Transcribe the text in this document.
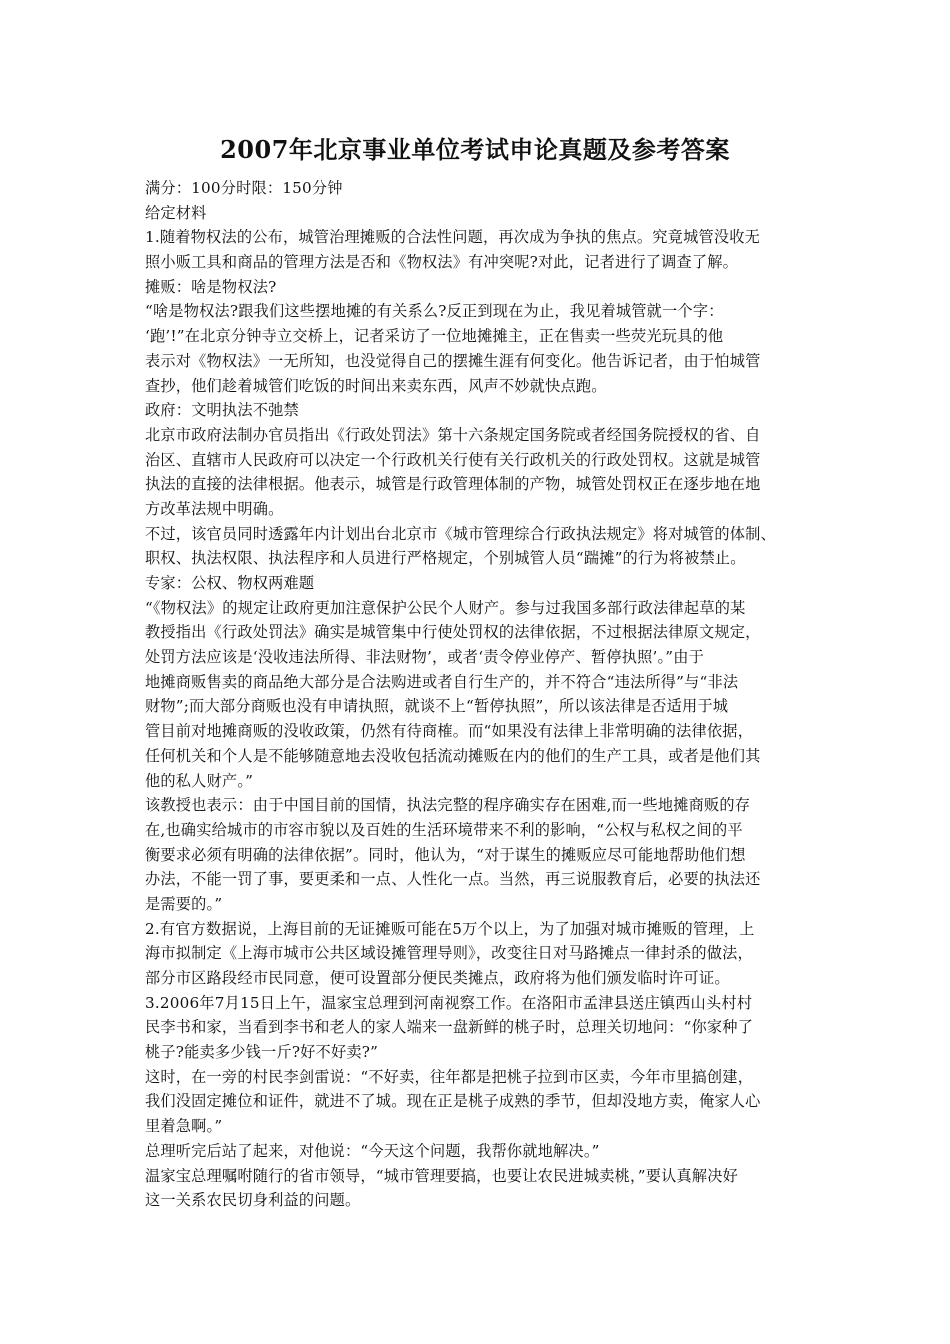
2007年北京事业单位考试申论真题及参考答案
满分：100分时限：150分钟
给定材料
1.随着物权法的公布，城管治理摊贩的合法性问题，再次成为争执的焦点。究竟城管没收无
照小贩工具和商品的管理方法是否和《物权法》有冲突呢?对此，记者进行了调查了解。
摊贩：啥是物权法?
“啥是物权法?跟我们这些摆地摊的有关系么?反正到现在为止，我见着城管就一个字：
‘跑’!”在北京分钟寺立交桥上，记者采访了一位地摊摊主，正在售卖一些荧光玩具的他
表示对《物权法》一无所知，也没觉得自己的摆摊生涯有何变化。他告诉记者，由于怕城管
查抄，他们趁着城管们吃饭的时间出来卖东西，风声不妙就快点跑。
政府：文明执法不弛禁
北京市政府法制办官员指出《行政处罚法》第十六条规定国务院或者经国务院授权的省、自
治区、直辖市人民政府可以决定一个行政机关行使有关行政机关的行政处罚权。这就是城管
执法的直接的法律根据。他表示，城管是行政管理体制的产物，城管处罚权正在逐步地在地
方改革法规中明确。
不过，该官员同时透露年内计划出台北京市《城市管理综合行政执法规定》将对城管的体制、
职权、执法权限、执法程序和人员进行严格规定，个别城管人员“踹摊”的行为将被禁止。
专家：公权、物权两难题
“《物权法》的规定让政府更加注意保护公民个人财产。参与过我国多部行政法律起草的某
教授指出《行政处罚法》确实是城管集中行使处罚权的法律依据，不过根据法律原文规定，
处罚方法应该是‘没收违法所得、非法财物’，或者‘责令停业停产、暂停执照’。”由于
地摊商贩售卖的商品绝大部分是合法购进或者自行生产的，并不符合“违法所得”与“非法
财物”;而大部分商贩也没有申请执照，就谈不上“暂停执照”，所以该法律是否适用于城
管目前对地摊商贩的没收政策，仍然有待商榷。而“如果没有法律上非常明确的法律依据，
任何机关和个人是不能够随意地去没收包括流动摊贩在内的他们的生产工具，或者是他们其
他的私人财产。”
该教授也表示：由于中国目前的国情，执法完整的程序确实存在困难,而一些地摊商贩的存
在,也确实给城市的市容市貌以及百姓的生活环境带来不利的影响，“公权与私权之间的平
衡要求必须有明确的法律依据”。同时，他认为，“对于谋生的摊贩应尽可能地帮助他们想
办法，不能一罚了事，要更柔和一点、人性化一点。当然，再三说服教育后，必要的执法还
是需要的。”
2.有官方数据说，上海目前的无证摊贩可能在5万个以上，为了加强对城市摊贩的管理，上
海市拟制定《上海市城市公共区域设摊管理导则》，改变往日对马路摊点一律封杀的做法，
部分市区路段经市民同意，便可设置部分便民类摊点，政府将为他们颁发临时许可证。
3.2006年7月15日上午，温家宝总理到河南视察工作。在洛阳市孟津县送庄镇西山头村村
民李书和家，当看到李书和老人的家人端来一盘新鲜的桃子时，总理关切地问：“你家种了
桃子?能卖多少钱一斤?好不好卖?”
这时，在一旁的村民李剑雷说：“不好卖，往年都是把桃子拉到市区卖，今年市里搞创建，
我们没固定摊位和证件，就进不了城。现在正是桃子成熟的季节，但却没地方卖，俺家人心
里着急啊。”
总理听完后站了起来，对他说：“今天这个问题，我帮你就地解决。”
温家宝总理嘱咐随行的省市领导，“城市管理要搞，也要让农民进城卖桃，”要认真解决好
这一关系农民切身利益的问题。
